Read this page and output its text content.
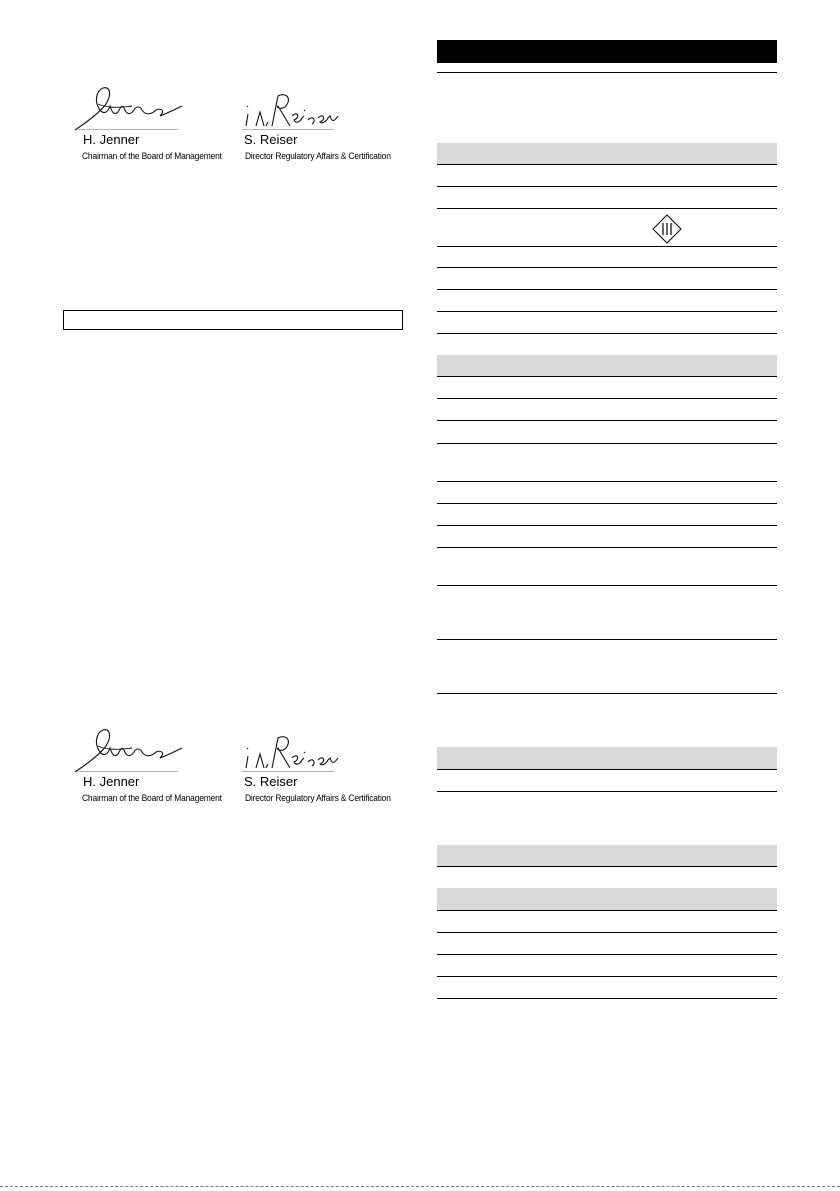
H. Jenner
Chairman of the Board of Management
S. Reiser
Director Regulatory Affairs & Certification
H. Jenner
Chairman of the Board of Management
S. Reiser
Director Regulatory Affairs & Certification
